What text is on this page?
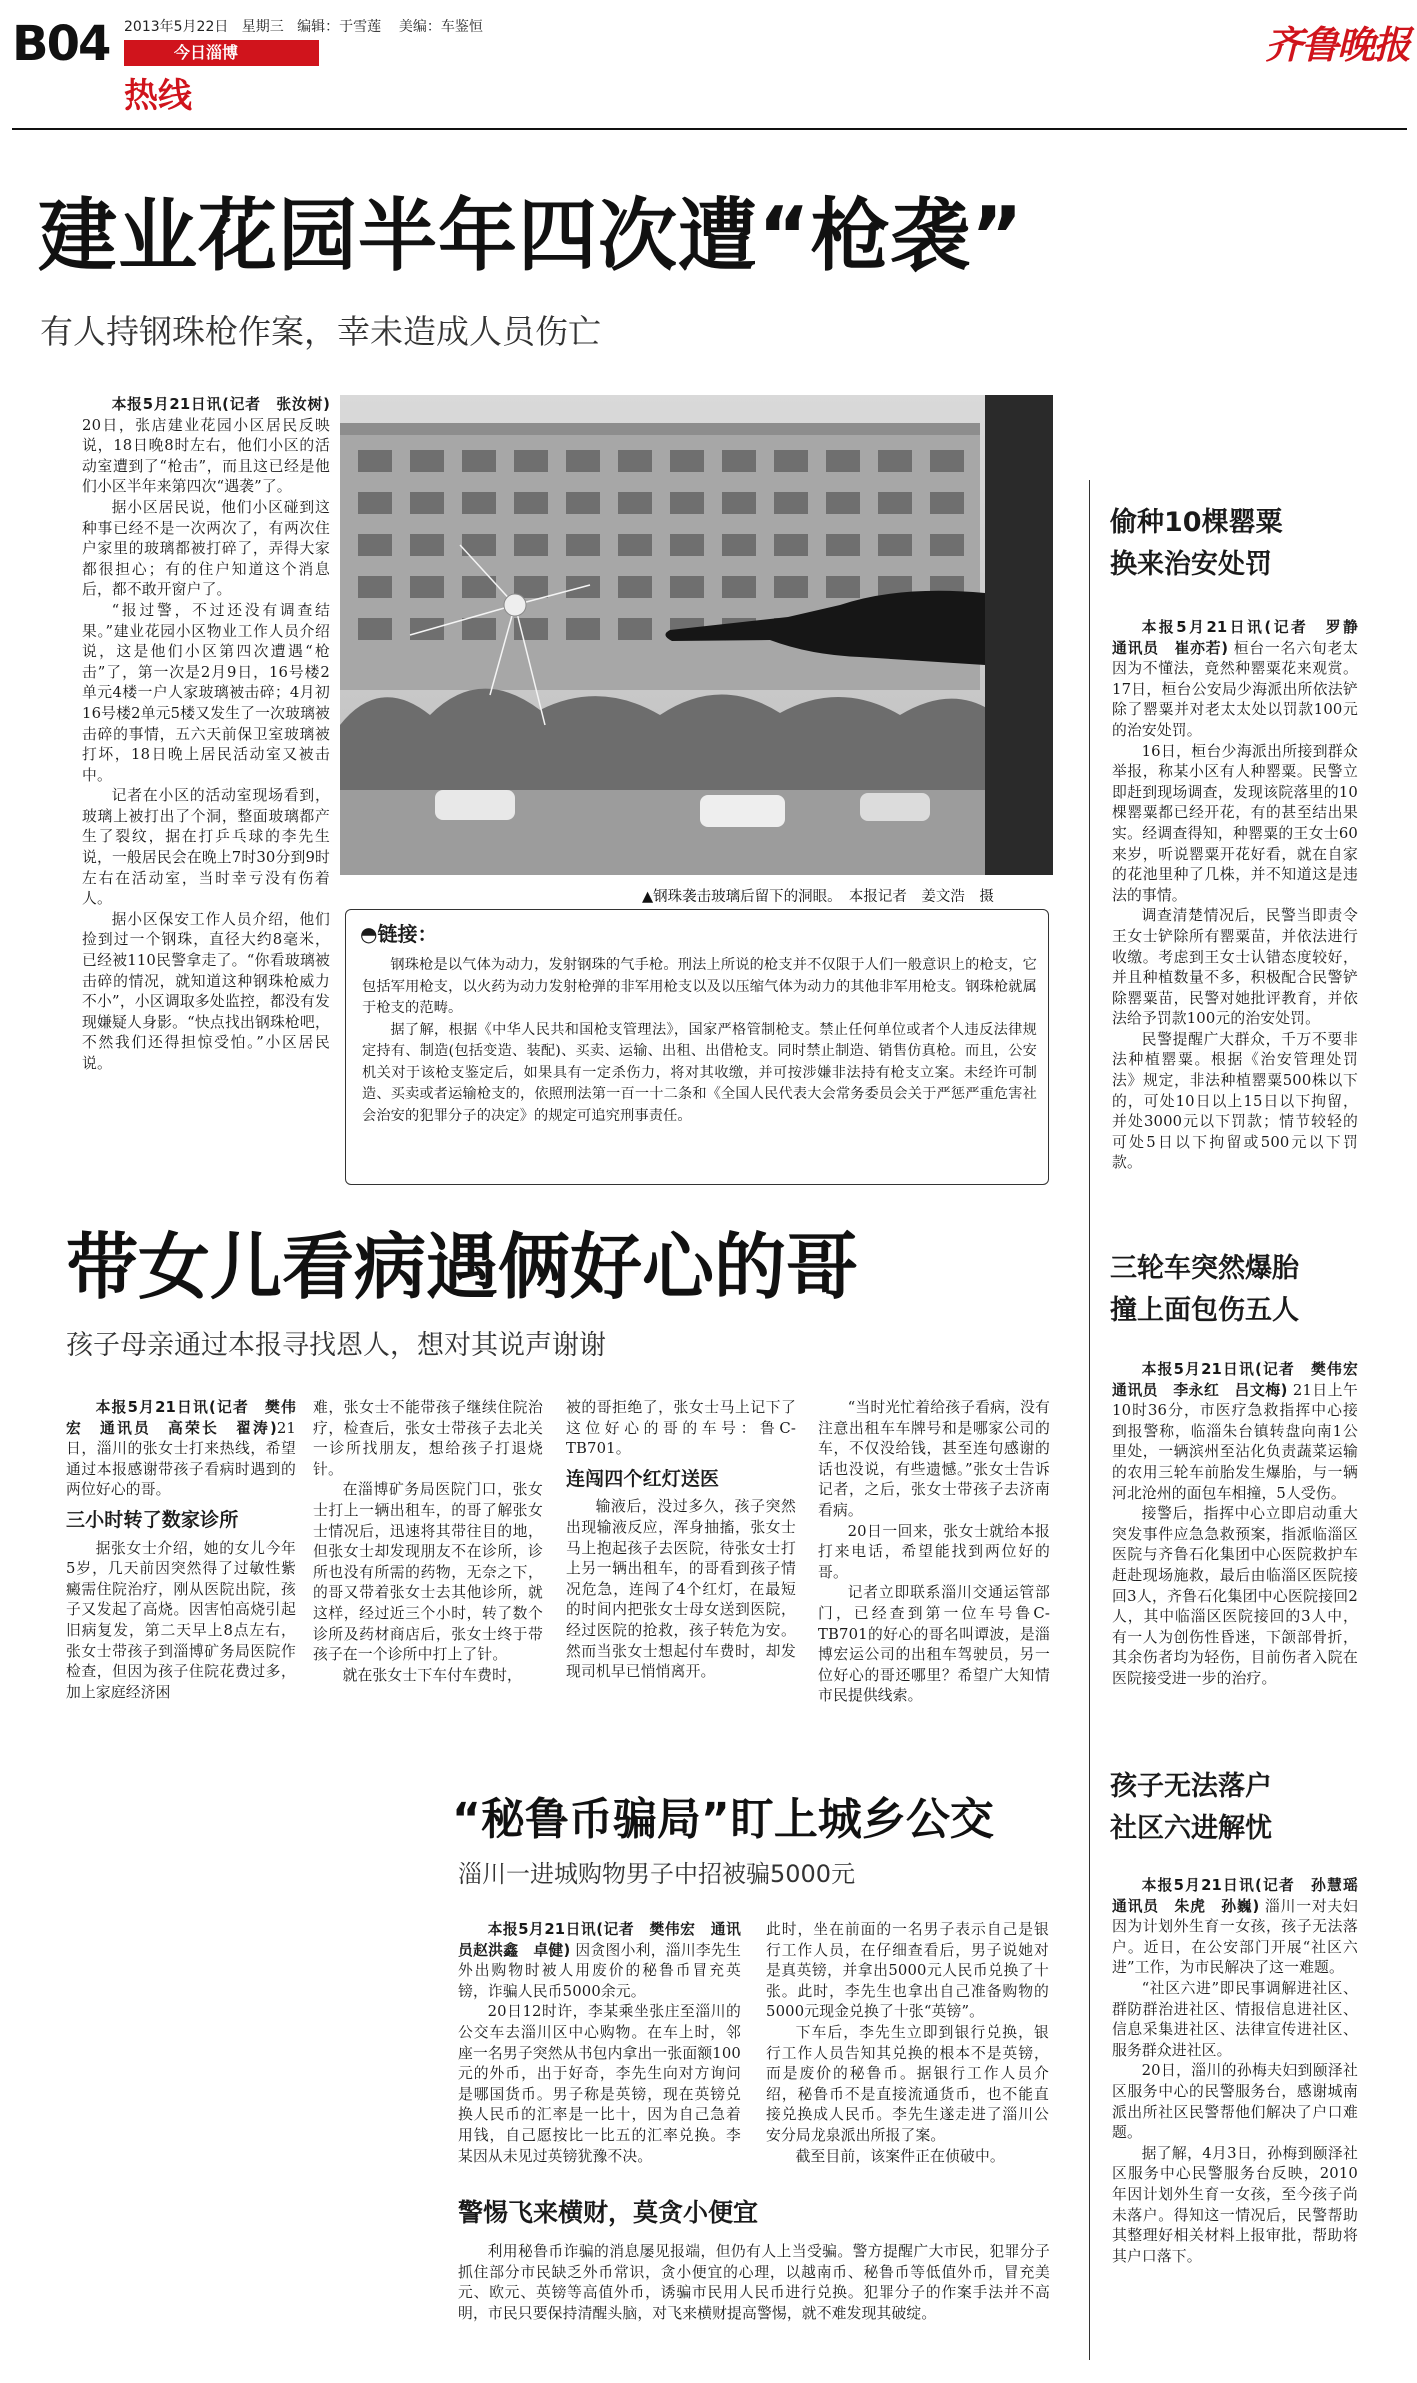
B04 2013年5月22日 星期三 编辑：于雪莲 美编：车鉴恒
今日淄博
热线
齐鲁晚报
建业花园半年四次遭“枪袭”
有人持钢珠枪作案，幸未造成人员伤亡

本报5月21日讯(记者　张汝树) 20日，张店建业花园小区居民反映说，18日晚8时左右，他们小区的活动室遭到了“枪击”，而且这已经是他们小区半年来第四次“遇袭”了。

据小区居民说，他们小区碰到这种事已经不是一次两次了，有两次住户家里的玻璃都被打碎了，弄得大家都很担心；有的住户知道这个消息后，都不敢开窗户了。

“报过警，不过还没有调查结果。”建业花园小区物业工作人员介绍说，这是他们小区第四次遭遇“枪击”了，第一次是2月9日，16号楼2单元4楼一户人家玻璃被击碎；4月初16号楼2单元5楼又发生了一次玻璃被击碎的事情，五六天前保卫室玻璃被打坏，18日晚上居民活动室又被击中。

记者在小区的活动室现场看到，玻璃上被打出了个洞，整面玻璃都产生了裂纹，据在打乒乓球的李先生说，一般居民会在晚上7时30分到9时左右在活动室，当时幸亏没有伤着人。

据小区保安工作人员介绍，他们捡到过一个钢珠，直径大约8毫米，已经被110民警拿走了。“你看玻璃被击碎的情况，就知道这种钢珠枪威力不小”，小区调取多处监控，都没有发现嫌疑人身影。“快点找出钢珠枪吧，不然我们还得担惊受怕。”小区居民说。

▲钢珠袭击玻璃后留下的洞眼。　本报记者　姜文浩　摄
◓链接：

钢珠枪是以气体为动力，发射钢珠的气手枪。刑法上所说的枪支并不仅限于人们一般意识上的枪支，它包括军用枪支，以火药为动力发射枪弹的非军用枪支以及以压缩气体为动力的其他非军用枪支。钢珠枪就属于枪支的范畴。

据了解，根据《中华人民共和国枪支管理法》，国家严格管制枪支。禁止任何单位或者个人违反法律规定持有、制造(包括变造、装配)、买卖、运输、出租、出借枪支。同时禁止制造、销售仿真枪。而且，公安机关对于该枪支鉴定后，如果具有一定杀伤力，将对其收缴，并可按涉嫌非法持有枪支立案。未经许可制造、买卖或者运输枪支的，依照刑法第一百一十二条和《全国人民代表大会常务委员会关于严惩严重危害社会治安的犯罪分子的决定》的规定可追究刑事责任。

带女儿看病遇俩好心的哥
孩子母亲通过本报寻找恩人，想对其说声谢谢

本报5月21日讯(记者　樊伟宏　通讯员　高荣长　翟涛)21日，淄川的张女士打来热线，希望通过本报感谢带孩子看病时遇到的两位好心的哥。

三小时转了数家诊所

据张女士介绍，她的女儿今年5岁，几天前因突然得了过敏性紫癜需住院治疗，刚从医院出院，孩子又发起了高烧。因害怕高烧引起旧病复发，第二天早上8点左右，张女士带孩子到淄博矿务局医院作检查，但因为孩子住院花费过多，加上家庭经济困

难，张女士不能带孩子继续住院治疗，检查后，张女士带孩子去北关一诊所找朋友，想给孩子打退烧针。

在淄博矿务局医院门口，张女士打上一辆出租车，的哥了解张女士情况后，迅速将其带往目的地，但张女士却发现朋友不在诊所，诊所也没有所需的药物，无奈之下，的哥又带着张女士去其他诊所，就这样，经过近三个小时，转了数个诊所及药材商店后，张女士终于带孩子在一个诊所中打上了针。

就在张女士下车付车费时，

被的哥拒绝了，张女士马上记下了这位好心的哥的车号：鲁C-TB701。

连闯四个红灯送医

输液后，没过多久，孩子突然出现输液反应，浑身抽搐，张女士马上抱起孩子去医院，待张女士打上另一辆出租车，的哥看到孩子情况危急，连闯了4个红灯，在最短的时间内把张女士母女送到医院，经过医院的抢救，孩子转危为安。然而当张女士想起付车费时，却发现司机早已悄悄离开。

“当时光忙着给孩子看病，没有注意出租车车牌号和是哪家公司的车，不仅没给钱，甚至连句感谢的话也没说，有些遗憾。”张女士告诉记者，之后，张女士带孩子去济南看病。

20日一回来，张女士就给本报打来电话，希望能找到两位好的哥。

记者立即联系淄川交通运管部门，已经查到第一位车号鲁C-TB701的好心的哥名叫谭波，是淄博宏运公司的出租车驾驶员，另一位好心的哥还哪里？希望广大知情市民提供线索。

“秘鲁币骗局”盯上城乡公交
淄川一进城购物男子中招被骗5000元

本报5月21日讯(记者　樊伟宏　通讯员赵洪鑫　卓健) 因贪图小利，淄川李先生外出购物时被人用废价的秘鲁币冒充英镑，诈骗人民币5000余元。

20日12时许，李某乘坐张庄至淄川的公交车去淄川区中心购物。在车上时，邻座一名男子突然从书包内拿出一张面额100元的外币，出于好奇，李先生向对方询问是哪国货币。男子称是英镑，现在英镑兑换人民币的汇率是一比十，因为自己急着用钱，自己愿按比一比五的汇率兑换。李某因从未见过英镑犹豫不决。

此时，坐在前面的一名男子表示自己是银行工作人员，在仔细查看后，男子说她对是真英镑，并拿出5000元人民币兑换了十张。此时，李先生也拿出自己准备购物的5000元现金兑换了十张“英镑”。

下车后，李先生立即到银行兑换，银行工作人员告知其兑换的根本不是英镑，而是废价的秘鲁币。据银行工作人员介绍，秘鲁币不是直接流通货币，也不能直接兑换成人民币。李先生遂走进了淄川公安分局龙泉派出所报了案。

截至目前，该案件正在侦破中。

警惕飞来横财，莫贪小便宜

利用秘鲁币诈骗的消息屡见报端，但仍有人上当受骗。警方提醒广大市民，犯罪分子抓住部分市民缺乏外币常识，贪小便宜的心理，以越南币、秘鲁币等低值外币，冒充美元、欧元、英镑等高值外币，诱骗市民用人民币进行兑换。犯罪分子的作案手法并不高明，市民只要保持清醒头脑，对飞来横财提高警惕，就不难发现其破绽。

偷种10棵罂粟
换来治安处罚

本报5月21日讯(记者　罗静　通讯员　崔亦若) 桓台一名六旬老太因为不懂法，竟然种罂粟花来观赏。17日，桓台公安局少海派出所依法铲除了罂粟并对老太太处以罚款100元的治安处罚。

16日，桓台少海派出所接到群众举报，称某小区有人种罂粟。民警立即赶到现场调查，发现该院落里的10棵罂粟都已经开花，有的甚至结出果实。经调查得知，种罂粟的王女士60来岁，听说罂粟开花好看，就在自家的花池里种了几株，并不知道这是违法的事情。

调查清楚情况后，民警当即责令王女士铲除所有罂粟苗，并依法进行收缴。考虑到王女士认错态度较好，并且种植数量不多，积极配合民警铲除罂粟苗，民警对她批评教育，并依法给予罚款100元的治安处罚。

民警提醒广大群众，千万不要非法种植罂粟。根据《治安管理处罚法》规定，非法种植罂粟500株以下的，可处10日以上15日以下拘留，并处3000元以下罚款；情节较轻的可处5日以下拘留或500元以下罚款。

三轮车突然爆胎
撞上面包伤五人

本报5月21日讯(记者　樊伟宏　通讯员　李永红　吕文梅) 21日上午10时36分，市医疗急救指挥中心接到报警称，临淄朱台镇转盘向南1公里处，一辆滨州至沾化负责蔬菜运输的农用三轮车前胎发生爆胎，与一辆河北沧州的面包车相撞，5人受伤。

接警后，指挥中心立即启动重大突发事件应急急救预案，指派临淄区医院与齐鲁石化集团中心医院救护车赶赴现场施救，最后由临淄区医院接回3人，齐鲁石化集团中心医院接回2人，其中临淄区医院接回的3人中，有一人为创伤性昏迷，下颌部骨折，其余伤者均为轻伤，目前伤者入院在医院接受进一步的治疗。

孩子无法落户
社区六进解忧

本报5月21日讯(记者　孙慧瑶　通讯员　朱虎　孙巍) 淄川一对夫妇因为计划外生育一女孩，孩子无法落户。近日，在公安部门开展“社区六进”工作，为市民解决了这一难题。

“社区六进”即民事调解进社区、群防群治进社区、情报信息进社区、信息采集进社区、法律宣传进社区、服务群众进社区。

20日，淄川的孙梅夫妇到颐泽社区服务中心的民警服务台，感谢城南派出所社区民警帮他们解决了户口难题。

据了解，4月3日，孙梅到颐泽社区服务中心民警服务台反映，2010年因计划外生育一女孩，至今孩子尚未落户。得知这一情况后，民警帮助其整理好相关材料上报审批，帮助将其户口落下。
